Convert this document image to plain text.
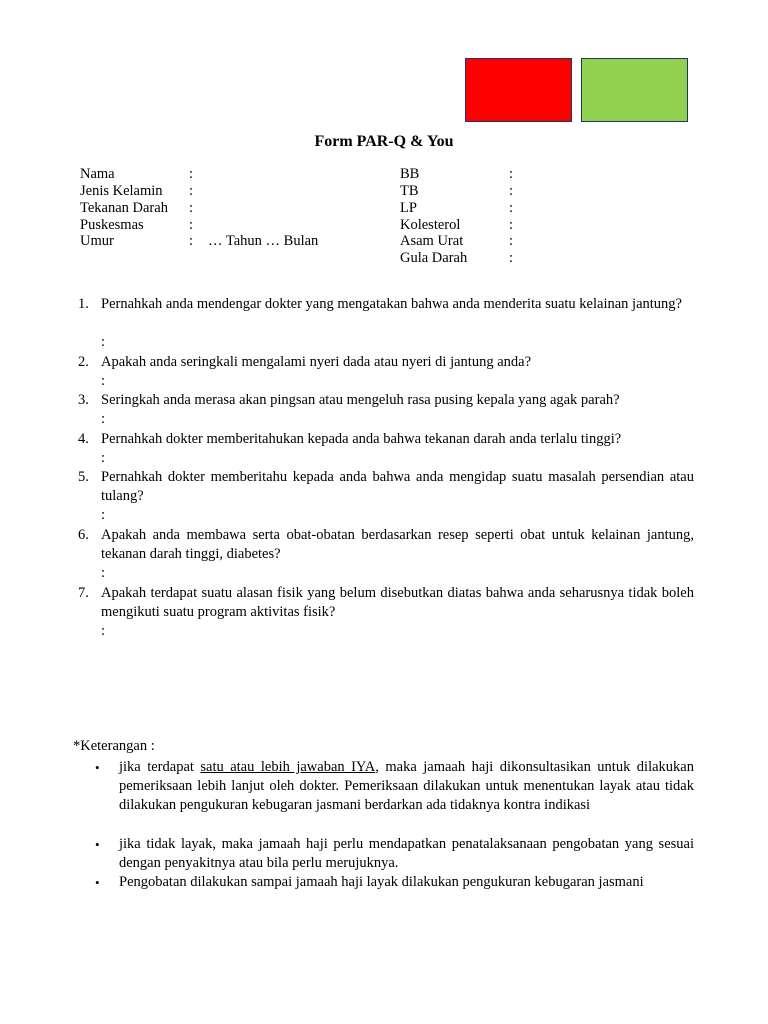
Form PAR-Q & You
Nama	:
Jenis Kelamin :
Tekanan Darah :
Puskesmas	:
Umur	: … Tahun … Bulan
BB	:
TB	:
LP	:
Kolesterol	:
Asam Urat	:
Gula Darah	:
1. Pernahkah anda mendengar dokter yang mengatakan bahwa anda menderita suatu kelainan jantung?
:
2. Apakah anda seringkali mengalami nyeri dada atau nyeri di jantung anda?
:
3. Seringkah anda merasa akan pingsan atau mengeluh rasa pusing kepala yang agak parah?
:
4. Pernahkah dokter memberitahukan kepada anda bahwa tekanan darah anda terlalu tinggi?
:
5. Pernahkah dokter memberitahu kepada anda bahwa anda mengidap suatu masalah persendian atau tulang?
:
6. Apakah anda membawa serta obat-obatan berdasarkan resep seperti obat untuk kelainan jantung, tekanan darah tinggi, diabetes?
:
7. Apakah terdapat suatu alasan fisik yang belum disebutkan diatas bahwa anda seharusnya tidak boleh mengikuti suatu program aktivitas fisik?
:
*Keterangan :
• jika terdapat satu atau lebih jawaban IYA, maka jamaah haji dikonsultasikan untuk dilakukan pemeriksaan lebih lanjut oleh dokter. Pemeriksaan dilakukan untuk menentukan layak atau tidak dilakukan pengukuran kebugaran jasmani berdarkan ada tidaknya kontra indikasi
• jika tidak layak, maka jamaah haji perlu mendapatkan penatalaksanaan pengobatan yang sesuai dengan penyakitnya atau bila perlu merujuknya.
• Pengobatan dilakukan sampai jamaah haji layak dilakukan pengukuran kebugaran jasmani
